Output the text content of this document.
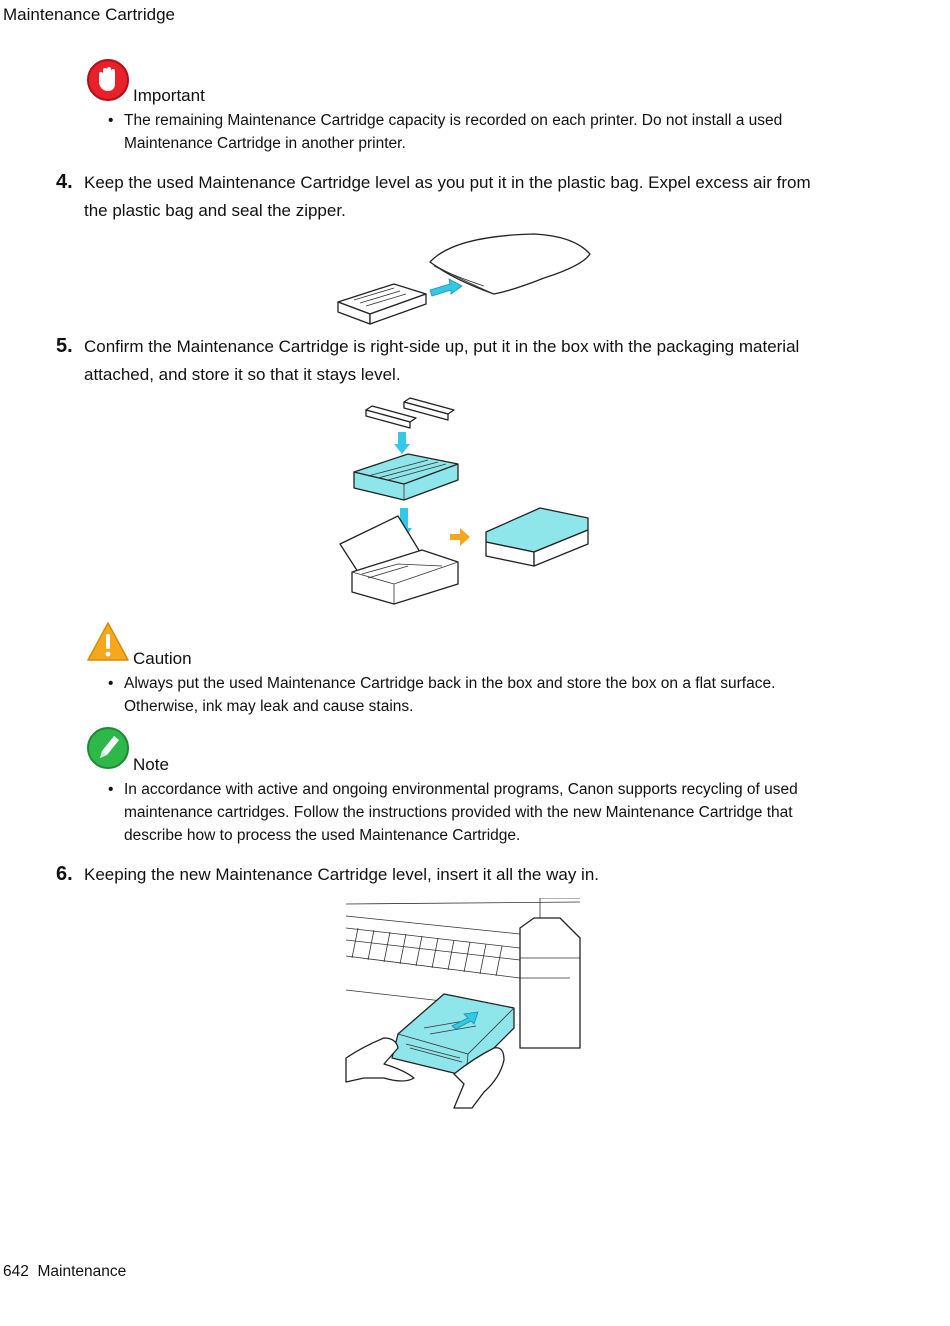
Maintenance Cartridge
Important
• The remaining Maintenance Cartridge capacity is recorded on each printer. Do not install a used
Maintenance Cartridge in another printer.
4. Keep the used Maintenance Cartridge level as you put it in the plastic bag. Expel excess air from
the plastic bag and seal the zipper.
5. Confirm the Maintenance Cartridge is right-side up, put it in the box with the packaging material
attached, and store it so that it stays level.
Caution
• Always put the used Maintenance Cartridge back in the box and store the box on a flat surface.
Otherwise, ink may leak and cause stains.
Note
• In accordance with active and ongoing environmental programs, Canon supports recycling of used
maintenance cartridges. Follow the instructions provided with the new Maintenance Cartridge that
describe how to process the used Maintenance Cartridge.
6. Keeping the new Maintenance Cartridge level, insert it all the way in.
642 Maintenance
